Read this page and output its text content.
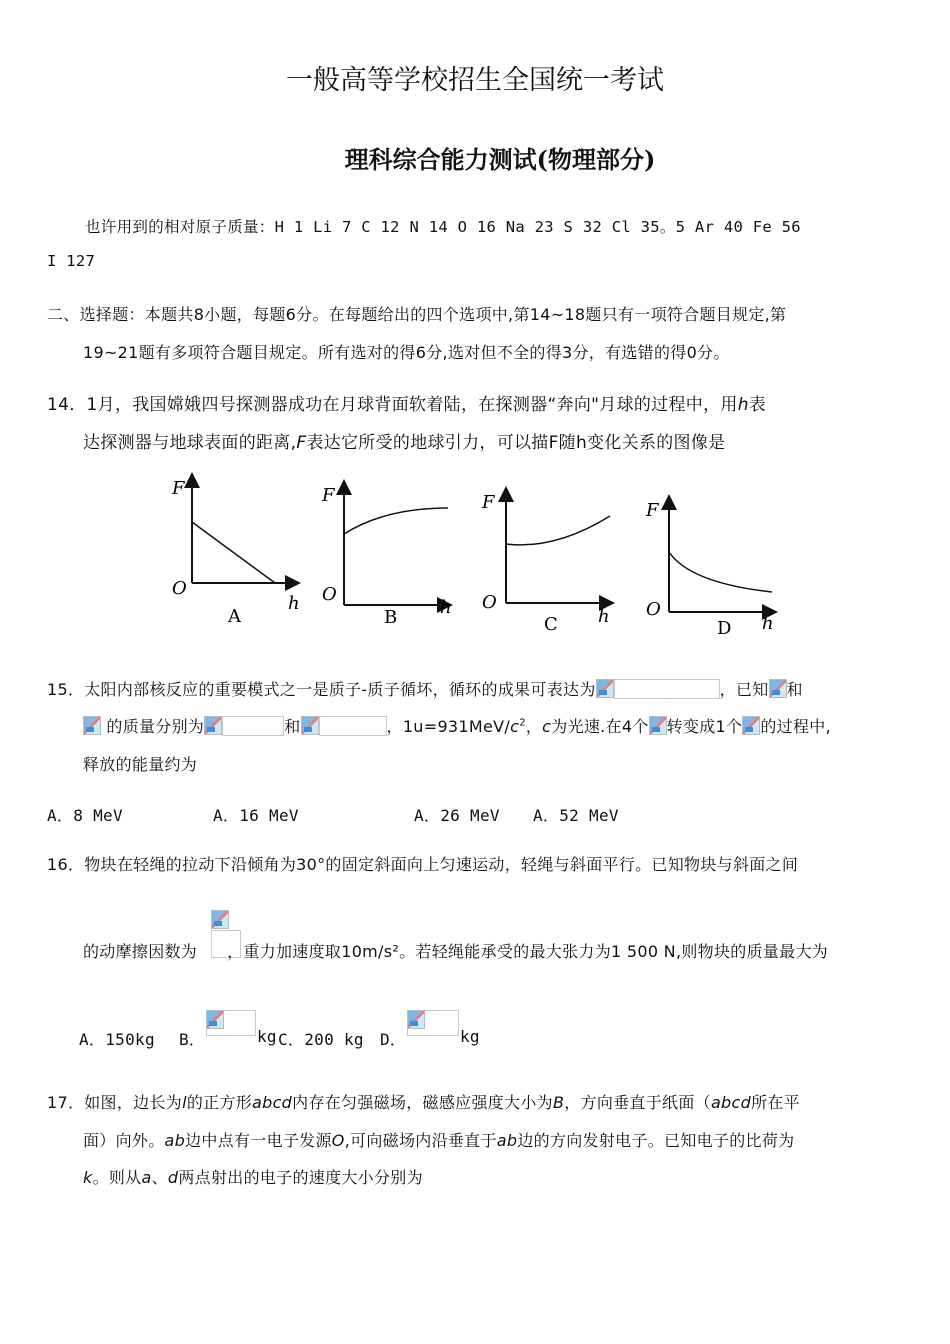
一般高等学校招生全国统一考试
理科综合能力测试(物理部分)
也许用到的相对原子质量：H 1 Li 7 C 12 N 14 O 16 Na 23 S 32 Cl 35。5 Ar 40 Fe 56
I 127
二、选择题：本题共8小题，每题6分。在每题给出的四个选项中,第14~18题只有一项符合题目规定,第
19~21题有多项符合题目规定。所有选对的得6分,选对但不全的得3分，有选错的得0分。
14．1月，我国嫦娥四号探测器成功在月球背面软着陆，在探测器“奔向"月球的过程中，用h表
达探测器与地球表面的距离,F表达它所受的地球引力，可以描F随h变化关系的图像是
F
O
h
A
F
O
h
B
F
O
h
C
F
O
h
D
15．太阳内部核反应的重要模式之一是质子-质子循坏，循环的成果可表达为	，已知 和
的质量分别为	和	，$1u=931MeV/c^2$，c为光速.在4个 转变成1个 的过程中,
释放的能量约为
A．8 MeV	A．16 MeV	A．26 MeV A．52 MeV
16．物块在轻绳的拉动下沿倾角为30°的固定斜面向上匀速运动，轻绳与斜面平行。已知物块与斜面之间
的动摩擦因数为 ，重力加速度取10m/s²。若轻绳能承受的最大张力为1 500 N,则物块的质量最大为
A．150kg B．	kg C．200 kg D．	kg
17．如图，边长为l的正方形abcd内存在匀强磁场，磁感应强度大小为B，方向垂直于纸面（abcd所在平
面）向外。ab边中点有一电子发源O,可向磁场内沿垂直于ab边的方向发射电子。已知电子的比荷为
k。则从a、d两点射出的电子的速度大小分别为
